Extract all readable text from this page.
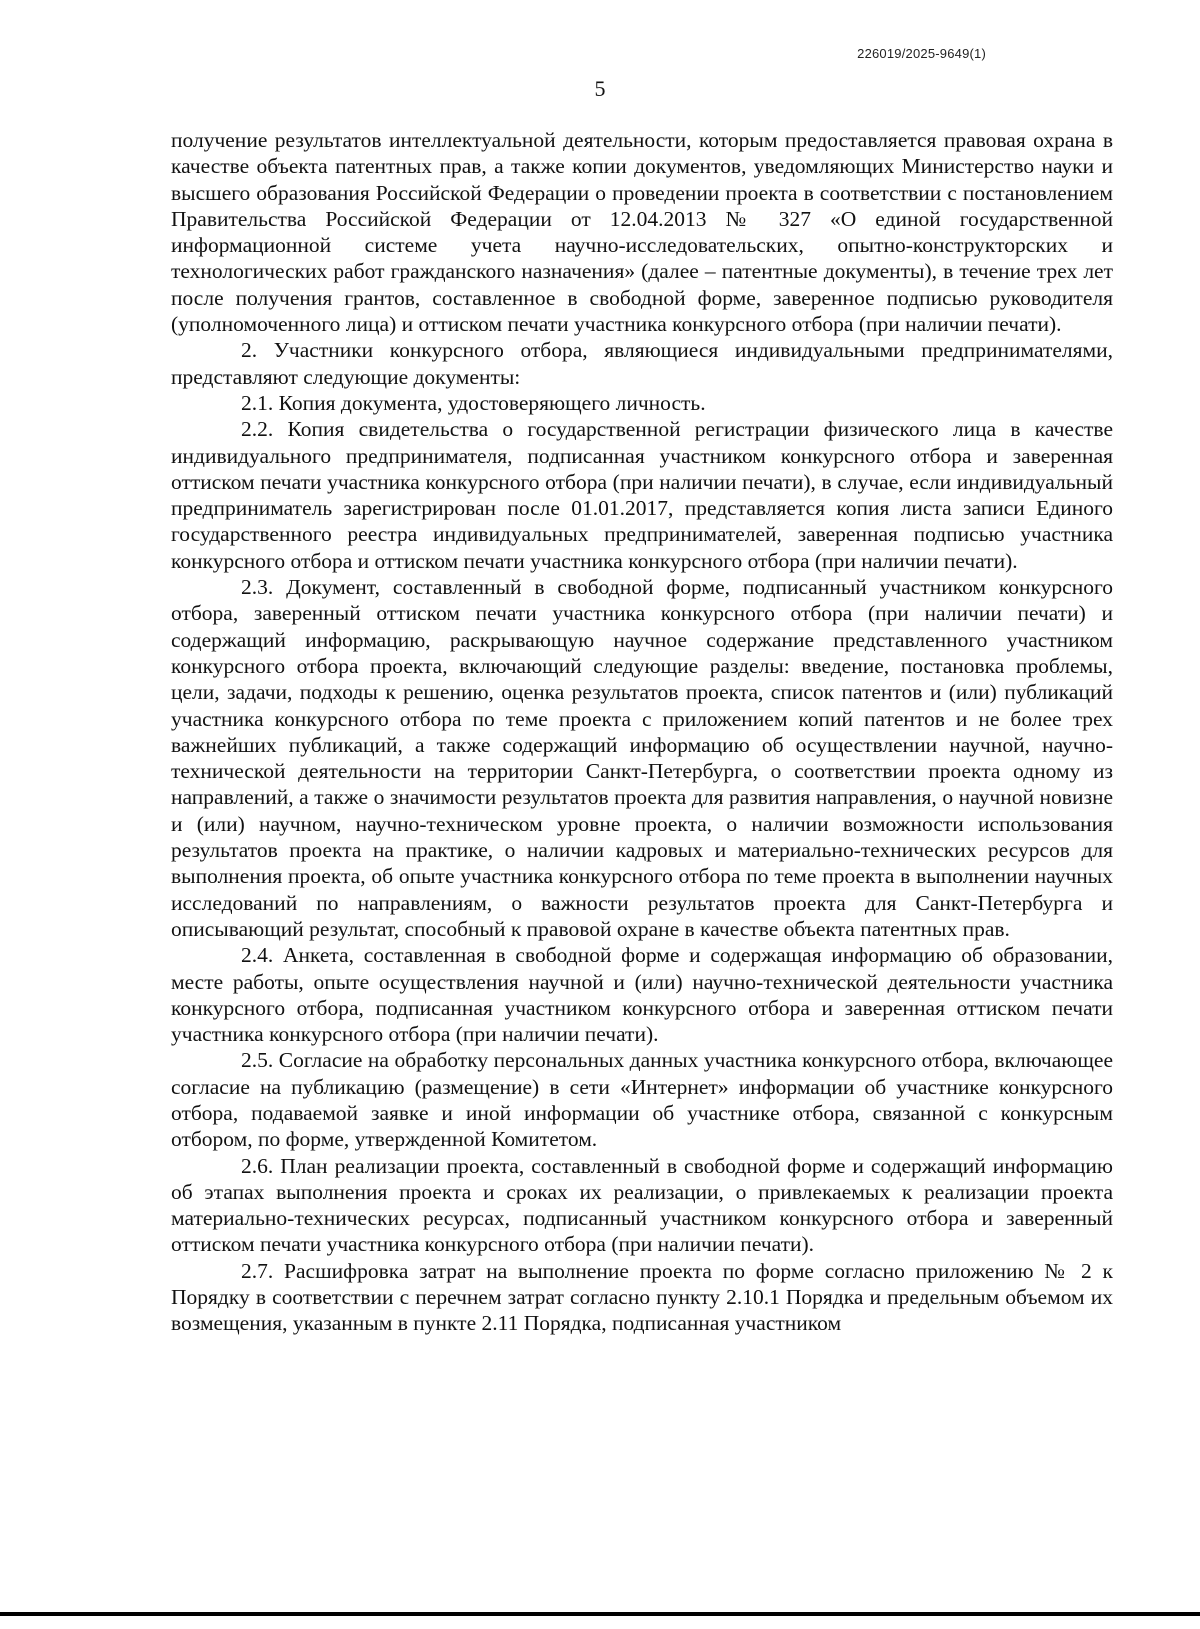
226019/2025-9649(1)
5

получение результатов интеллектуальной деятельности, которым предоставляется правовая охрана в качестве объекта патентных прав, а также копии документов, уведомляющих Министерство науки и высшего образования Российской Федерации о проведении проекта в соответствии с постановлением Правительства Российской Федерации от 12.04.2013 № 327 «О единой государственной информационной системе учета научно-исследовательских, опытно-конструкторских и технологических работ гражданского назначения» (далее – патентные документы), в течение трех лет после получения грантов, составленное в свободной форме, заверенное подписью руководителя (уполномоченного лица) и оттиском печати участника конкурсного отбора (при наличии печати).

2. Участники конкурсного отбора, являющиеся индивидуальными предпринимателями, представляют следующие документы:

2.1. Копия документа, удостоверяющего личность.

2.2. Копия свидетельства о государственной регистрации физического лица в качестве индивидуального предпринимателя, подписанная участником конкурсного отбора и заверенная оттиском печати участника конкурсного отбора (при наличии печати), в случае, если индивидуальный предприниматель зарегистрирован после 01.01.2017, представляется копия листа записи Единого государственного реестра индивидуальных предпринимателей, заверенная подписью участника конкурсного отбора и оттиском печати участника конкурсного отбора (при наличии печати).

2.3. Документ, составленный в свободной форме, подписанный участником конкурсного отбора, заверенный оттиском печати участника конкурсного отбора (при наличии печати) и содержащий информацию, раскрывающую научное содержание представленного участником конкурсного отбора проекта, включающий следующие разделы: введение, постановка проблемы, цели, задачи, подходы к решению, оценка результатов проекта, список патентов и (или) публикаций участника конкурсного отбора по теме проекта с приложением копий патентов и не более трех важнейших публикаций, а также содержащий информацию об осуществлении научной, научно-технической деятельности на территории Санкт-Петербурга, о соответствии проекта одному из направлений, а также о значимости результатов проекта для развития направления, о научной новизне и (или) научном, научно-техническом уровне проекта, о наличии возможности использования результатов проекта на практике, о наличии кадровых и материально-технических ресурсов для выполнения проекта, об опыте участника конкурсного отбора по теме проекта в выполнении научных исследований по направлениям, о важности результатов проекта для Санкт-Петербурга и описывающий результат, способный к правовой охране в качестве объекта патентных прав.

2.4. Анкета, составленная в свободной форме и содержащая информацию об образовании, месте работы, опыте осуществления научной и (или) научно-технической деятельности участника конкурсного отбора, подписанная участником конкурсного отбора и заверенная оттиском печати участника конкурсного отбора (при наличии печати).

2.5. Согласие на обработку персональных данных участника конкурсного отбора, включающее согласие на публикацию (размещение) в сети «Интернет» информации об участнике конкурсного отбора, подаваемой заявке и иной информации об участнике отбора, связанной с конкурсным отбором, по форме, утвержденной Комитетом.

2.6. План реализации проекта, составленный в свободной форме и содержащий информацию об этапах выполнения проекта и сроках их реализации, о привлекаемых к реализации проекта материально-технических ресурсах, подписанный участником конкурсного отбора и заверенный оттиском печати участника конкурсного отбора (при наличии печати).

2.7. Расшифровка затрат на выполнение проекта по форме согласно приложению № 2 к Порядку в соответствии с перечнем затрат согласно пункту 2.10.1 Порядка и предельным объемом их возмещения, указанным в пункте 2.11 Порядка, подписанная участником
